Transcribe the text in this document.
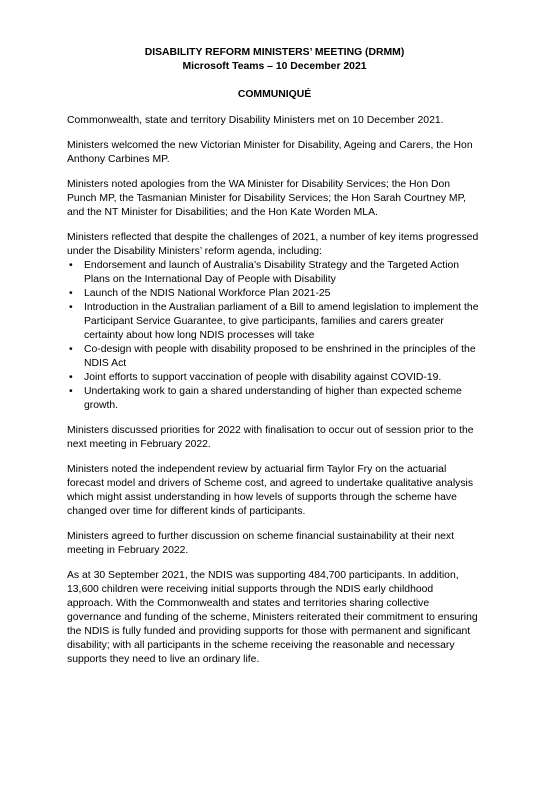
DISABILITY REFORM MINISTERS’ MEETING (DRMM)
Microsoft Teams – 10 December 2021
COMMUNIQUÉ

Commonwealth, state and territory Disability Ministers met on 10 December 2021.

Ministers welcomed the new Victorian Minister for Disability, Ageing and Carers, the Hon Anthony Carbines MP.

Ministers noted apologies from the WA Minister for Disability Services; the Hon Don Punch MP, the Tasmanian Minister for Disability Services; the Hon Sarah Courtney MP, and the NT Minister for Disabilities; and the Hon Kate Worden MLA.

Ministers reflected that despite the challenges of 2021, a number of key items progressed under the Disability Ministers’ reform agenda, including:

• Endorsement and launch of Australia’s Disability Strategy and the Targeted Action Plans on the International Day of People with Disability
• Launch of the NDIS National Workforce Plan 2021-25
• Introduction in the Australian parliament of a Bill to amend legislation to implement the Participant Service Guarantee, to give participants, families and carers greater certainty about how long NDIS processes will take
• Co-design with people with disability proposed to be enshrined in the principles of the NDIS Act
• Joint efforts to support vaccination of people with disability against COVID-19.
• Undertaking work to gain a shared understanding of higher than expected scheme growth.

Ministers discussed priorities for 2022 with finalisation to occur out of session prior to the next meeting in February 2022.

Ministers noted the independent review by actuarial firm Taylor Fry on the actuarial forecast model and drivers of Scheme cost, and agreed to undertake qualitative analysis which might assist understanding in how levels of supports through the scheme have changed over time for different kinds of participants.

Ministers agreed to further discussion on scheme financial sustainability at their next meeting in February 2022.

As at 30 September 2021, the NDIS was supporting 484,700 participants. In addition, 13,600 children were receiving initial supports through the NDIS early childhood approach. With the Commonwealth and states and territories sharing collective governance and funding of the scheme, Ministers reiterated their commitment to ensuring the NDIS is fully funded and providing supports for those with permanent and significant disability; with all participants in the scheme receiving the reasonable and necessary supports they need to live an ordinary life.
